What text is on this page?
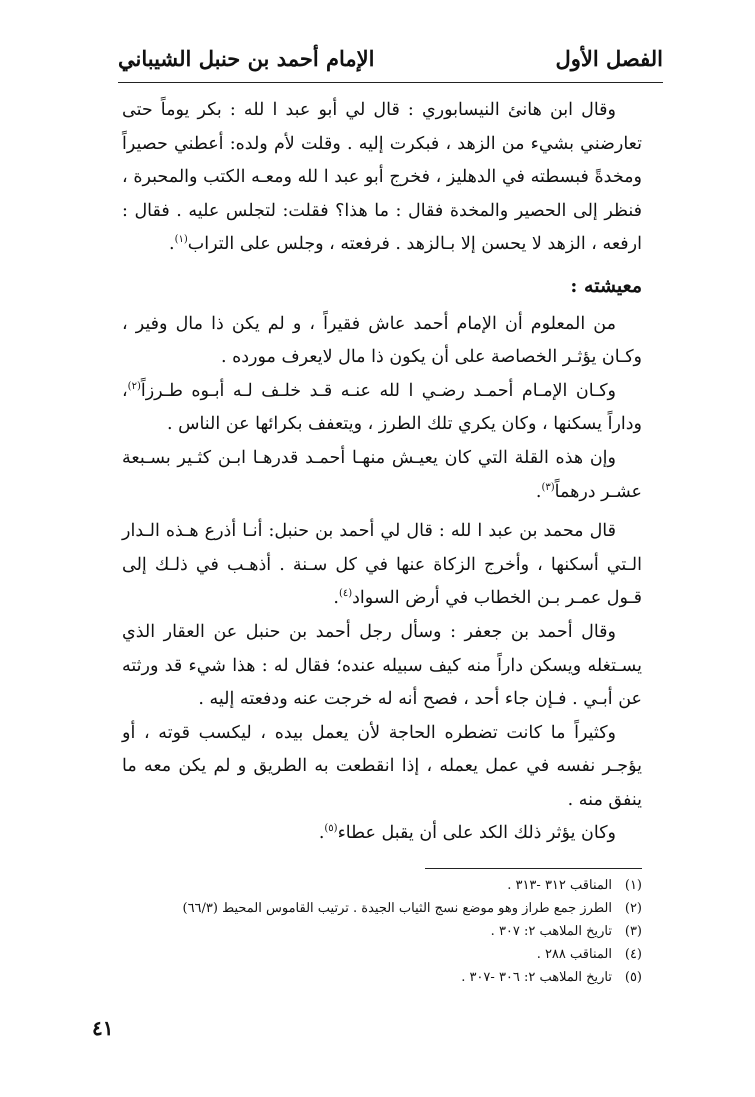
الفصل الأول
الإمام أحمد بن حنبل الشيباني

وقال ابن هانئ النيسابوري : قال لي أبو عبد ا لله : بكر يوماً حتى تعارضني بشيء من الزهد ، فبكرت إليه . وقلت لأم ولده: أعطني حصيراً ومخدةً فبسطته في الدهليز ، فخرج أبو عبد ا لله ومعـه الكتب والمحبرة ، فنظر إلى الحصير والمخدة فقال : ما هذا؟ فقلت: لتجلس عليه . فقال : ارفعه ، الزهد لا يحسن إلا بـالزهد . فرفعته ، وجلس على التراب$^{(١)}$.

معيشته :

من المعلوم أن الإمام أحمد عاش فقيراً ، و لم يكن ذا مال وفير ، وكـان يؤثـر الخصاصة على أن يكون ذا مال لايعرف مورده .

وكـان الإمـام أحمـد رضـي ا لله عنـه قـد خلـف لـه أبـوه طـرزاً$^{(٢)}$، وداراً يسكنها ، وكان يكري تلك الطرز ، ويتعفف بكرائها عن الناس .

وإن هذه القلة التي كان يعيـش منهـا أحمـد قدرهـا ابـن كثـير بسـبعة عشـر درهماً$^{(٣)}$.

قال محمد بن عبد ا لله : قال لي أحمد بن حنبل: أنـا أذرع هـذه الـدار الـتي أسكنها ، وأخرج الزكاة عنها في كل سـنة . أذهـب في ذلـك إلى قـول عمـر بـن الخطاب في أرض السواد$^{(٤)}$.

وقال أحمد بن جعفر : وسأل رجل أحمد بن حنبل عن العقار الذي يسـتغله ويسكن داراً منه كيف سبيله عنده؛ فقال له : هذا شيء قد ورثته عن أبـي . فـإن جاء أحد ، فصح أنه له خرجت عنه ودفعته إليه .

وكثيراً ما كانت تضطره الحاجة لأن يعمل بيده ، ليكسب قوته ، أو يؤجـر نفسه في عمل يعمله ، إذا انقطعت به الطريق و لم يكن معه ما ينفق منه .

وكان يؤثر ذلك الكد على أن يقبل عطاء$^{(٥)}$.

(١)
المناقب ٣١٢ -٣١٣ .
(٢)
الطرز جمع طراز وهو موضع نسج الثياب الجيدة . ترتيب القاموس المحيط (٦٦/٣)
(٣)
تاريخ الملاهب ٢: ٣٠٧ .
(٤)
المناقب ٢٨٨ .
(٥)
تاريخ الملاهب ٢: ٣٠٦ -٣٠٧ .
٤١
